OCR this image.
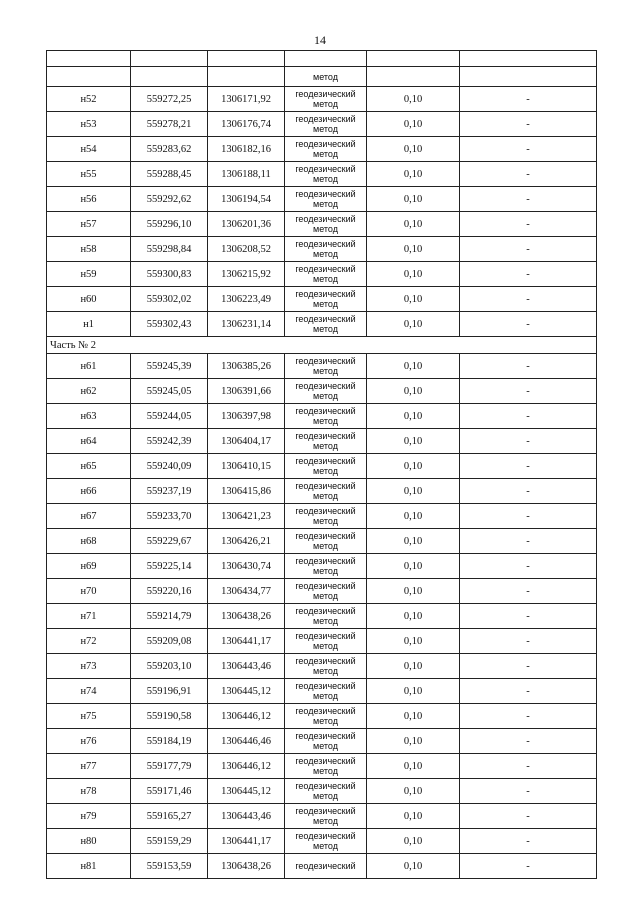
14

			метод		
н52	559272,25	1306171,92	геодезический
метод	0,10	-
н53	559278,21	1306176,74	геодезический
метод	0,10	-
н54	559283,62	1306182,16	геодезический
метод	0,10	-
н55	559288,45	1306188,11	геодезический
метод	0,10	-
н56	559292,62	1306194,54	геодезический
метод	0,10	-
н57	559296,10	1306201,36	геодезический
метод	0,10	-
н58	559298,84	1306208,52	геодезический
метод	0,10	-
н59	559300,83	1306215,92	геодезический
метод	0,10	-
н60	559302,02	1306223,49	геодезический
метод	0,10	-
н1	559302,43	1306231,14	геодезический
метод	0,10	-
Часть № 2					
н61	559245,39	1306385,26	геодезический
метод	0,10	-
н62	559245,05	1306391,66	геодезический
метод	0,10	-
н63	559244,05	1306397,98	геодезический
метод	0,10	-
н64	559242,39	1306404,17	геодезический
метод	0,10	-
н65	559240,09	1306410,15	геодезический
метод	0,10	-
н66	559237,19	1306415,86	геодезический
метод	0,10	-
н67	559233,70	1306421,23	геодезический
метод	0,10	-
н68	559229,67	1306426,21	геодезический
метод	0,10	-
н69	559225,14	1306430,74	геодезический
метод	0,10	-
н70	559220,16	1306434,77	геодезический
метод	0,10	-
н71	559214,79	1306438,26	геодезический
метод	0,10	-
н72	559209,08	1306441,17	геодезический
метод	0,10	-
н73	559203,10	1306443,46	геодезический
метод	0,10	-
н74	559196,91	1306445,12	геодезический
метод	0,10	-
н75	559190,58	1306446,12	геодезический
метод	0,10	-
н76	559184,19	1306446,46	геодезический
метод	0,10	-
н77	559177,79	1306446,12	геодезический
метод	0,10	-
н78	559171,46	1306445,12	геодезический
метод	0,10	-
н79	559165,27	1306443,46	геодезический
метод	0,10	-
н80	559159,29	1306441,17	геодезический
метод	0,10	-
н81	559153,59	1306438,26	геодезический	0,10	-
